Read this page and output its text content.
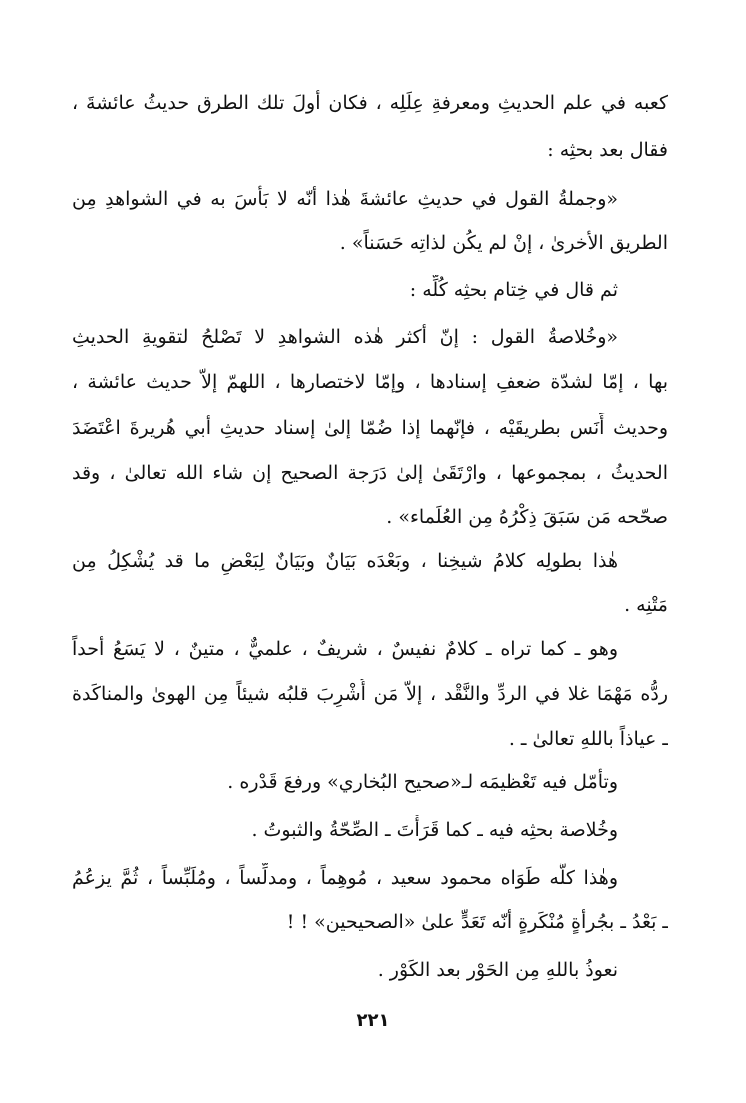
كعبه في علم الحديثِ ومعرفةِ عِلَلِه ، فكان أولَ تلك الطرق حديثُ عائشةَ ،
فقال بعد بحثِه :
«وجملةُ القول في حديثِ عائشةَ هٰذا أنّه لا بَأْسَ به في الشواهدِ مِن
الطريق الأخرىٰ ، إنْ لم يكُن لذاتِه حَسَناً» .
ثم قال في خِتام بحثِه كُلِّه :
«وخُلاصةُ القول : إنّ أكثر هٰذه الشواهدِ لا تَصْلحُ لتقويةِ الحديثِ
بها ، إمّا لشدّة ضعفِ إسنادها ، وإمّا لاختصارها ، اللهمّ إلاّ حديث عائشة ،
وحديث أَنَس بطريقَيْه ، فإنّهما إذا ضُمّا إلىٰ إسناد حديثِ أبي هُريرةَ اعْتَضَدَ
الحديثُ ، بمجموعها ، وارْتَقَىٰ إلىٰ دَرَجة الصحيح إن شاء الله تعالىٰ ، وقد
صحّحه مَن سَبَقَ ذِكْرُهُ مِن العُلَماء» .
هٰذا بطولِه كلامُ شيخِنا ، وبَعْدَه بَيَانٌ وبَيَانٌ لِبَعْضِ ما قد يُشْكِلُ مِن
مَتْنِه .
وهو ـ كما تراه ـ كلامٌ نفيسٌ ، شريفٌ ، علميٌّ ، متينٌ ، لا يَسَعُ أحداً
ردُّه مَهْمَا غلا في الردِّ والنَّقْد ، إلاّ مَن أُشْرِبَ قلبُه شيئاً مِن الهوىٰ والمناكَدة
ـ عياذاً باللهِ تعالىٰ ـ .
وتأمّل فيه تَعْظيمَه لـ«صحيح البُخاري» ورفعَ قَدْره .
وخُلاصة بحثِه فيه ـ كما قَرَأْتَ ـ الصِّحّةُ والثبوتُ .
وهٰذا كلُّه طَوَاه محمود سعيد ، مُوهِماً ، ومدلِّساً ، ومُلَبِّساً ، ثُمَّ يزعُمُ
ـ بَعْدُ ـ بجُرأةٍ مُنْكَرةٍ أنّه تَعَدٍّ علىٰ «الصحيحين» ! !
نعوذُ باللهِ مِن الحَوْر بعد الكَوْر .
٢٢١
